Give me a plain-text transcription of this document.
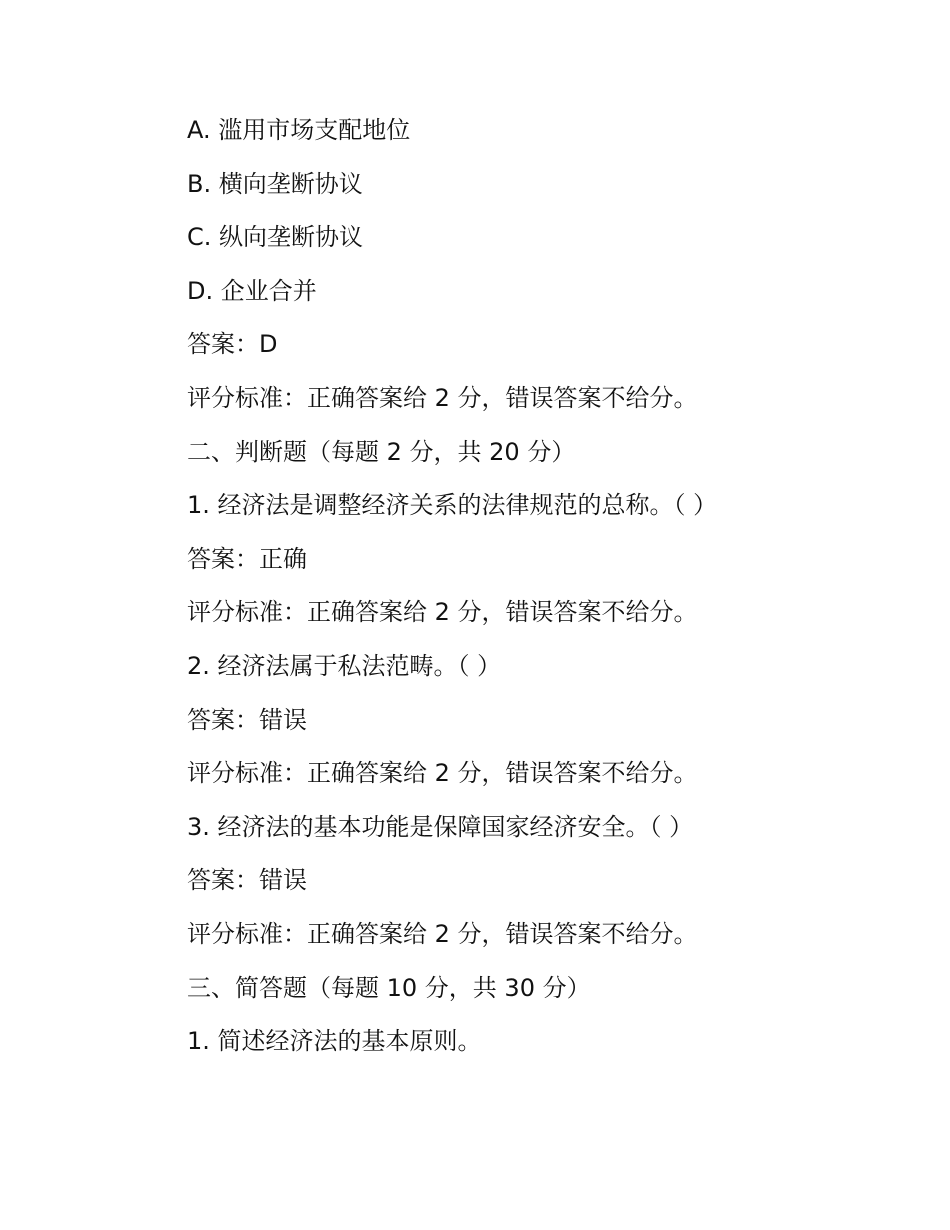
A. 滥用市场支配地位
B. 横向垄断协议
C. 纵向垄断协议
D. 企业合并
答案：D
评分标准：正确答案给 2 分，错误答案不给分。
二、判断题（每题 2 分，共 20 分）
1. 经济法是调整经济关系的法律规范的总称。（ ）
答案：正确
评分标准：正确答案给 2 分，错误答案不给分。
2. 经济法属于私法范畴。（ ）
答案：错误
评分标准：正确答案给 2 分，错误答案不给分。
3. 经济法的基本功能是保障国家经济安全。（ ）
答案：错误
评分标准：正确答案给 2 分，错误答案不给分。
三、简答题（每题 10 分，共 30 分）
1. 简述经济法的基本原则。
